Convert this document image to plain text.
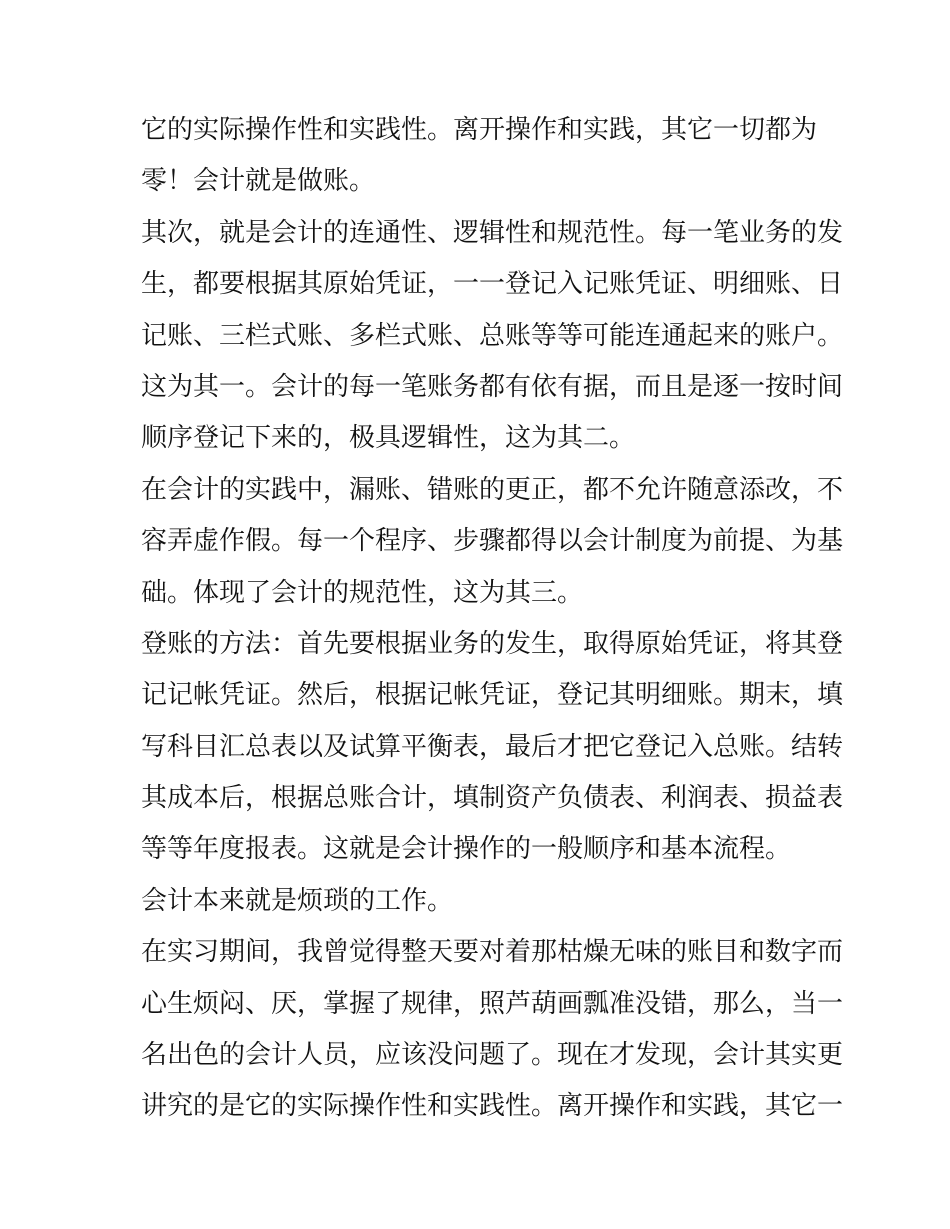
它的实际操作性和实践性。离开操作和实践，其它一切都为
零！会计就是做账。
其次，就是会计的连通性、逻辑性和规范性。每一笔业务的发
生，都要根据其原始凭证，一一登记入记账凭证、明细账、日
记账、三栏式账、多栏式账、总账等等可能连通起来的账户。
这为其一。会计的每一笔账务都有依有据，而且是逐一按时间
顺序登记下来的，极具逻辑性，这为其二。
在会计的实践中，漏账、错账的更正，都不允许随意添改，不
容弄虚作假。每一个程序、步骤都得以会计制度为前提、为基
础。体现了会计的规范性，这为其三。
登账的方法：首先要根据业务的发生，取得原始凭证，将其登
记记帐凭证。然后，根据记帐凭证，登记其明细账。期末，填
写科目汇总表以及试算平衡表，最后才把它登记入总账。结转
其成本后，根据总账合计，填制资产负债表、利润表、损益表
等等年度报表。这就是会计操作的一般顺序和基本流程。
会计本来就是烦琐的工作。
在实习期间，我曾觉得整天要对着那枯燥无味的账目和数字而
心生烦闷、厌，掌握了规律，照芦葫画瓢准没错，那么，当一
名出色的会计人员，应该没问题了。现在才发现，会计其实更
讲究的是它的实际操作性和实践性。离开操作和实践，其它一
